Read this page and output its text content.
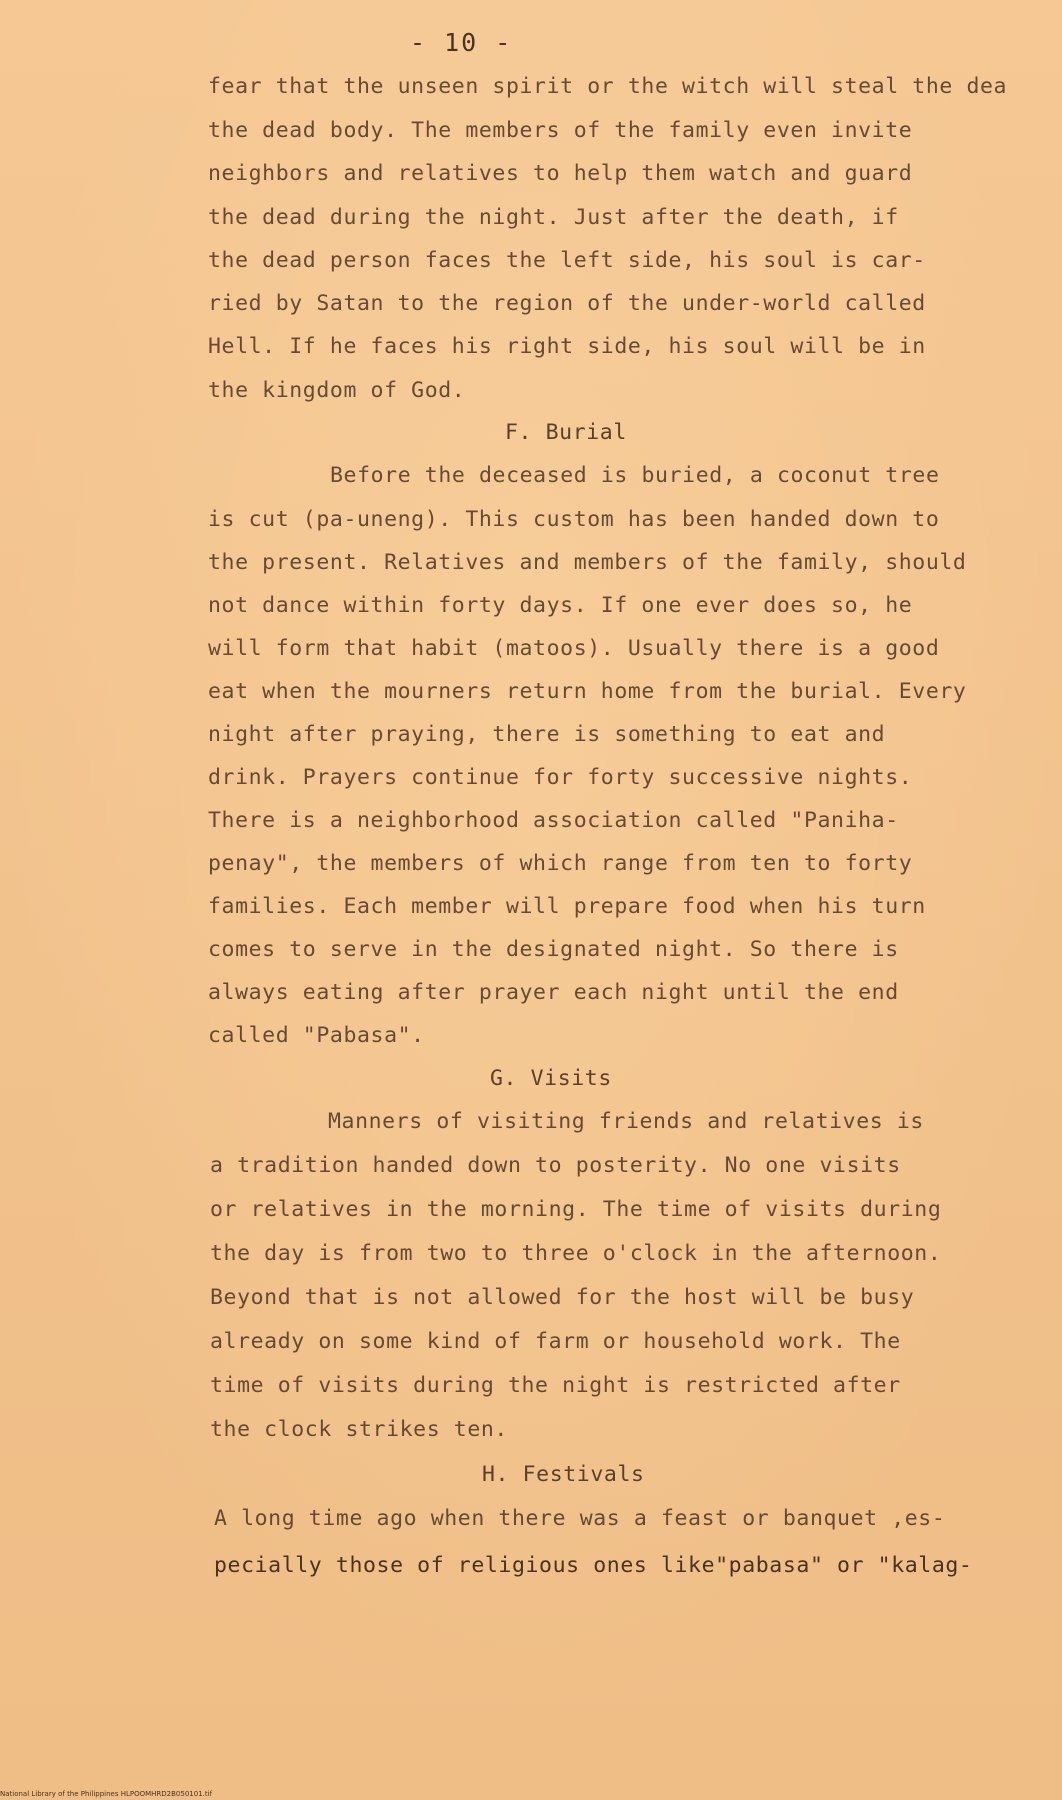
- 10 -
fear that the unseen spirit or the witch will steal the dea
the dead body. The members of the family even invite
neighbors and relatives to help them watch and guard
the dead during the night. Just after the death, if
the dead person faces the left side, his soul is car-
ried by Satan to the region of the under-world called
Hell. If he faces his right side, his soul will be in
the kingdom of God.
F. Burial
Before the deceased is buried, a coconut tree
is cut (pa-uneng). This custom has been handed down to
the present. Relatives and members of the family, should
not dance within forty days. If one ever does so, he
will form that habit (matoos). Usually there is a good
eat when the mourners return home from the burial. Every
night after praying, there is something to eat and
drink. Prayers continue for forty successive nights.
There is a neighborhood association called "Paniha-
penay", the members of which range from ten to forty
families. Each member will prepare food when his turn
comes to serve in the designated night. So there is
always eating after prayer each night until the end
called "Pabasa".
G. Visits
Manners of visiting friends and relatives is
a tradition handed down to posterity. No one visits
or relatives in the morning. The time of visits during
the day is from two to three o'clock in the afternoon.
Beyond that is not allowed for the host will be busy
already on some kind of farm or household work. The
time of visits during the night is restricted after
the clock strikes ten.
H. Festivals
A long time ago when there was a feast or banquet ,es-
pecially those of religious ones like"pabasa" or "kalag-
National Library of the Philippines HLPOOMHRD2B050101.tif
